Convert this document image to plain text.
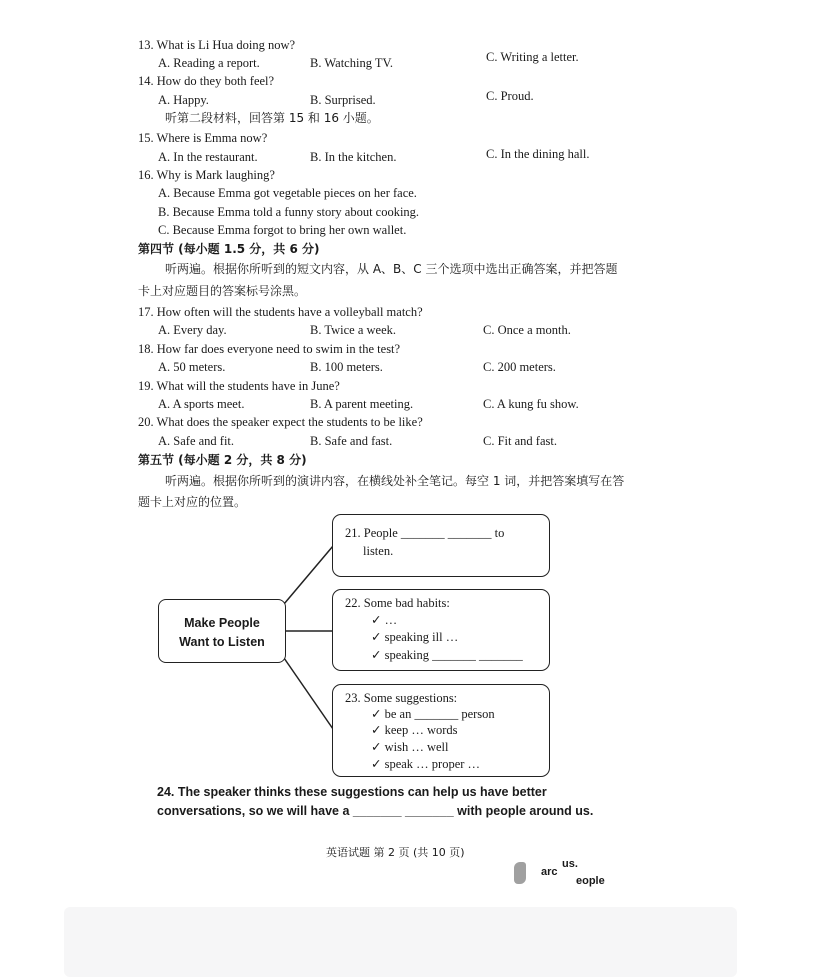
13. What is Li Hua doing now?
A. Reading a report.	B. Watching TV.	C. Writing a letter.
14. How do they both feel?
A. Happy.	B. Surprised.	C. Proud.
听第二段材料，回答第 15 和 16 小题。
15. Where is Emma now?
A. In the restaurant.	B. In the kitchen.	C. In the dining hall.
16. Why is Mark laughing?
A. Because Emma got vegetable pieces on her face.
B. Because Emma told a funny story about cooking.
C. Because Emma forgot to bring her own wallet.
第四节 (每小题 1.5 分，共 6 分)
听两遍。根据你所听到的短文内容，从 A、B、C 三个选项中选出正确答案，并把答题
卡上对应题目的答案标号涂黑。
17. How often will the students have a volleyball match?
A. Every day.	B. Twice a week.	C. Once a month.
18. How far does everyone need to swim in the test?
A. 50 meters.	B. 100 meters.	C. 200 meters.
19. What will the students have in June?
A. A sports meet.	B. A parent meeting.	C. A kung fu show.
20. What does the speaker expect the students to be like?
A. Safe and fit.	B. Safe and fast.	C. Fit and fast.
第五节 (每小题 2 分，共 8 分)
听两遍。根据你所听到的演讲内容，在横线处补全笔记。每空 1 词，并把答案填写在答
题卡上对应的位置。
Make People
Want to Listen
21. People _______ _______ to
listen.
22. Some bad habits:
✓ …
✓ speaking ill …
✓ speaking _______ _______
23. Some suggestions:
✓ be an _______ person
✓ keep … words
✓ wish … well
✓ speak … proper …
24. The speaker thinks these suggestions can help us have better
conversations, so we will have a _______ _______ with people around us.
英语试题 第 2 页 (共 10 页)
us.
arc
eople
